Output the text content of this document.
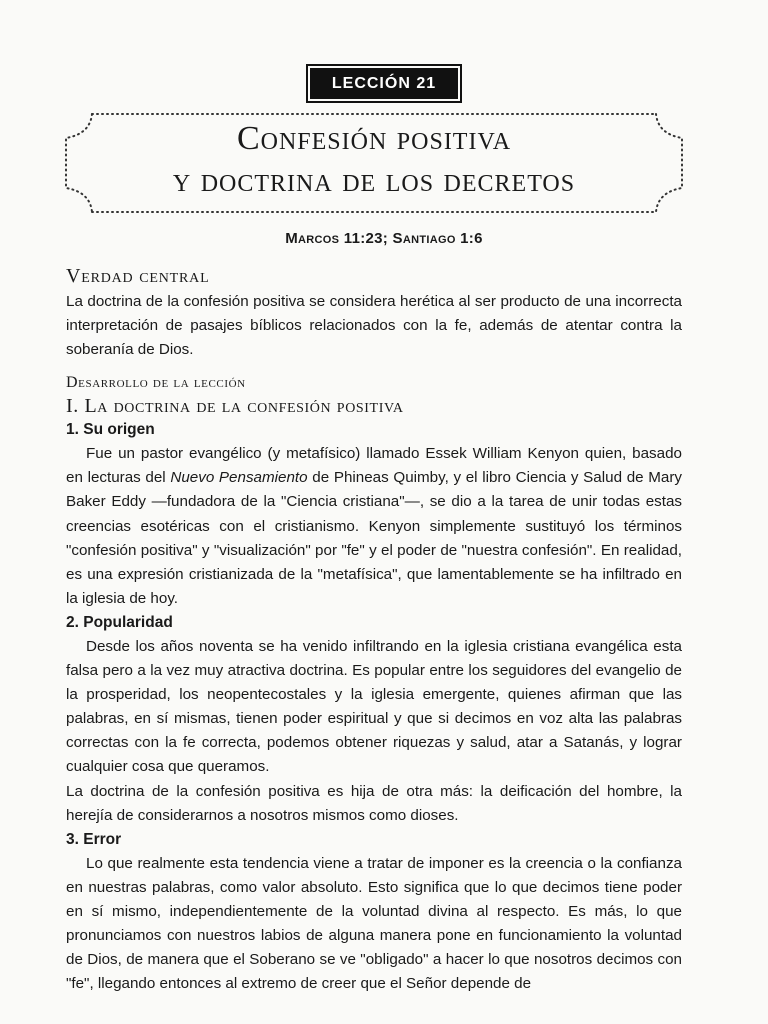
LECCIÓN 21
Confesión positiva
y doctrina de los decretos
Marcos 11:23; Santiago 1:6
Verdad central

La doctrina de la confesión positiva se considera herética al ser producto de una incorrecta interpretación de pasajes bíblicos relacionados con la fe, además de atentar contra la soberanía de Dios.

Desarrollo de la lección
I. La doctrina de la confesión positiva
1. Su origen

Fue un pastor evangélico (y metafísico) llamado Essek William Kenyon quien, basado en lecturas del Nuevo Pensamiento de Phineas Quimby, y el libro Ciencia y Salud de Mary Baker Eddy —fundadora de la "Ciencia cristiana"—, se dio a la tarea de unir todas estas creencias esotéricas con el cristianismo. Kenyon simplemente sustituyó los términos "confesión positiva" y "visualización" por "fe" y el poder de "nuestra confesión". En realidad, es una expresión cristianizada de la "metafísica", que lamentablemente se ha infiltrado en la iglesia de hoy.

2. Popularidad

Desde los años noventa se ha venido infiltrando en la iglesia cristiana evangélica esta falsa pero a la vez muy atractiva doctrina. Es popular entre los seguidores del evangelio de la prosperidad, los neopentecostales y la iglesia emergente, quienes afirman que las palabras, en sí mismas, tienen poder espiritual y que si decimos en voz alta las palabras correctas con la fe correcta, podemos obtener riquezas y salud, atar a Satanás, y lograr cualquier cosa que queramos.

La doctrina de la confesión positiva es hija de otra más: la deificación del hombre, la herejía de considerarnos a nosotros mismos como dioses.

3. Error

Lo que realmente esta tendencia viene a tratar de imponer es la creencia o la confianza en nuestras palabras, como valor absoluto. Esto significa que lo que decimos tiene poder en sí mismo, independientemente de la voluntad divina al respecto. Es más, lo que pronunciamos con nuestros labios de alguna manera pone en funcionamiento la voluntad de Dios, de manera que el Soberano se ve "obligado" a hacer lo que nosotros decimos con "fe", llegando entonces al extremo de creer que el Señor depende de
